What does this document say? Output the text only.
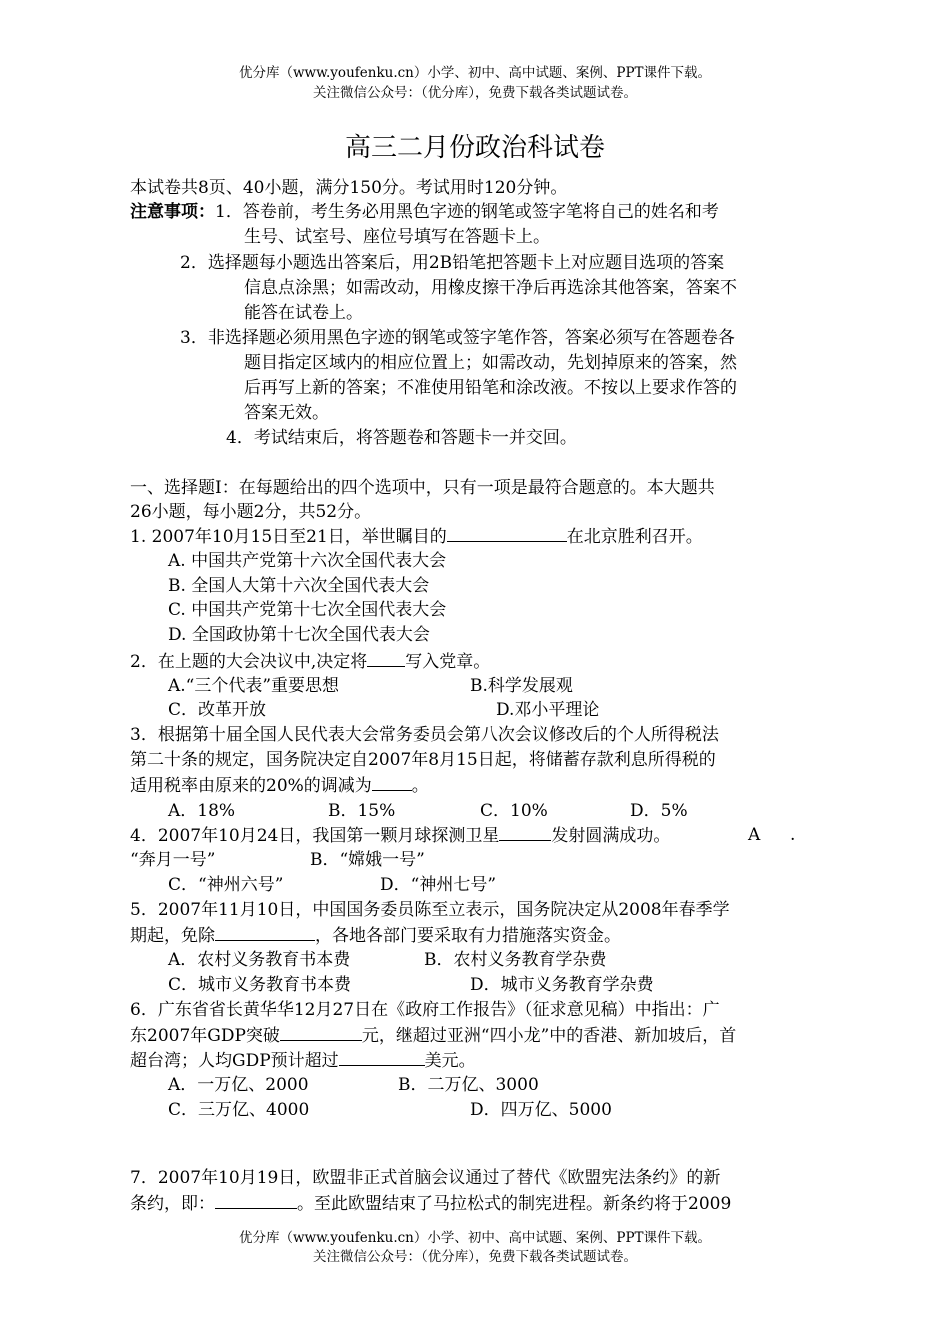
优分库（www.youfenku.cn）小学、初中、高中试题、案例、PPT课件下载。
关注微信公众号：（优分库），免费下载各类试题试卷。
高三二月份政治科试卷
本试卷共8页、40小题，满分150分。考试用时120分钟。
注意事项：1．答卷前，考生务必用黑色字迹的钢笔或签字笔将自己的姓名和考
生号、试室号、座位号填写在答题卡上。
2．选择题每小题选出答案后，用2B铅笔把答题卡上对应题目选项的答案
信息点涂黑；如需改动，用橡皮擦干净后再选涂其他答案，答案不
能答在试卷上。
3．非选择题必须用黑色字迹的钢笔或签字笔作答，答案必须写在答题卷各
题目指定区域内的相应位置上；如需改动，先划掉原来的答案，然
后再写上新的答案；不准使用铅笔和涂改液。不按以上要求作答的
答案无效。
4．考试结束后，将答题卷和答题卡一并交回。
一、选择题Ⅰ：在每题给出的四个选项中，只有一项是最符合题意的。本大题共
26小题，每小题2分，共52分。
1. 2007年10月15日至21日，举世瞩目的	在北京胜利召开。
A. 中国共产党第十六次全国代表大会
B. 全国人大第十六次全国代表大会
C. 中国共产党第十七次全国代表大会
D. 全国政协第十七次全国代表大会
2．在上题的大会决议中,决定将 写入党章。
A.“三个代表”重要思想	B.科学发展观
C．改革开放	D.邓小平理论
3．根据第十届全国人民代表大会常务委员会第八次会议修改后的个人所得税法
第二十条的规定，国务院决定自2007年8月15日起，将储蓄存款利息所得税的
适用税率由原来的20%的调减为 。
A．18%	B．15%	C．10%	D．5%
4．2007年10月24日，我国第一颗月球探测卫星	发射圆满成功。	A .
“奔月一号”	B．“嫦娥一号”
C．“神州六号”	D．“神州七号”
5．2007年11月10日，中国国务委员陈至立表示，国务院决定从2008年春季学
期起，免除	，各地各部门要采取有力措施落实资金。
A．农村义务教育书本费	B．农村义务教育学杂费
C．城市义务教育书本费	D．城市义务教育学杂费
6．广东省省长黄华华12月27日在《政府工作报告》（征求意见稿）中指出：广
东2007年GDP突破	元，继超过亚洲“四小龙”中的香港、新加坡后，首
超台湾；人均GDP预计超过	美元。
A．一万亿、2000	B．二万亿、3000
C．三万亿、4000	D．四万亿、5000
7．2007年10月19日，欧盟非正式首脑会议通过了替代《欧盟宪法条约》的新
条约，即：	。至此欧盟结束了马拉松式的制宪进程。新条约将于2009
优分库（www.youfenku.cn）小学、初中、高中试题、案例、PPT课件下载。
关注微信公众号：（优分库），免费下载各类试题试卷。
